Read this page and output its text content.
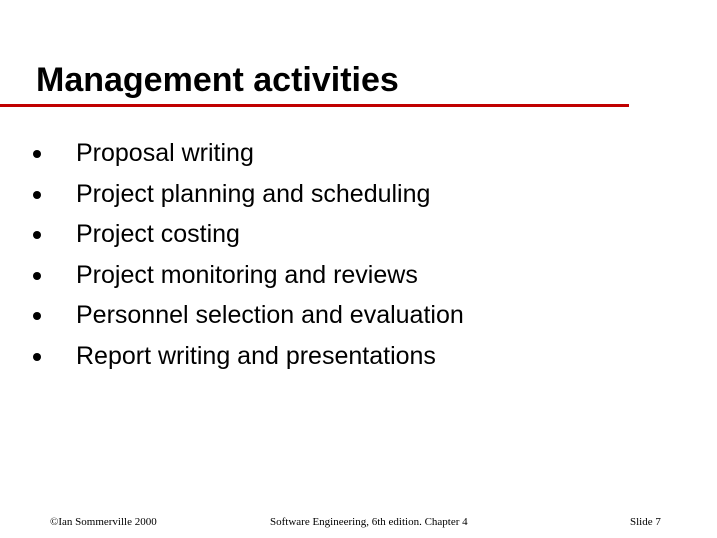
Management activities
Proposal writing
Project planning and scheduling
Project costing
Project monitoring and reviews
Personnel selection and evaluation
Report writing and presentations
©Ian Sommerville 2000	Software Engineering, 6th edition. Chapter 4	Slide 7
